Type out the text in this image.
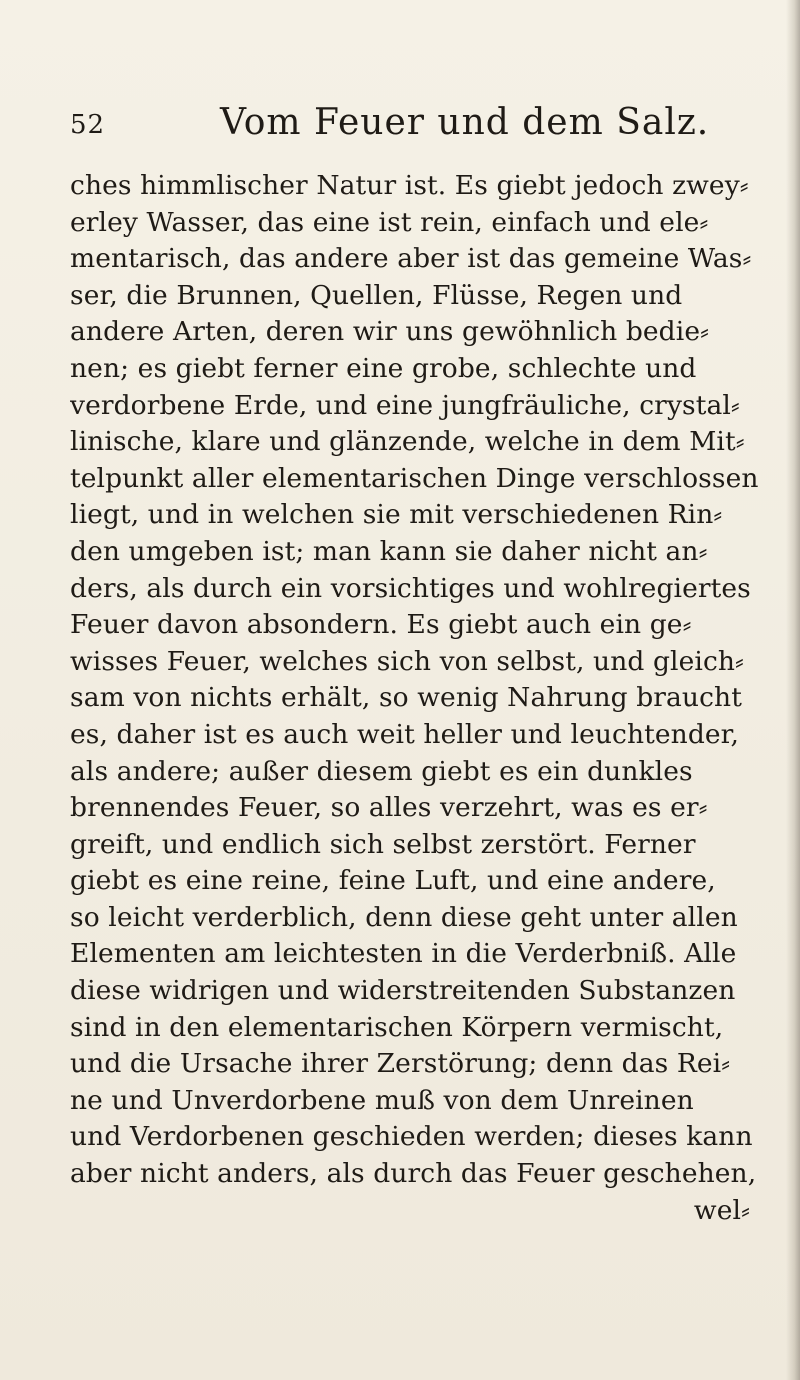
52	Vom Feuer und dem Salz.
ches himmlischer Natur ist. Es giebt jedoch zwey⸗
erley Wasser, das eine ist rein, einfach und ele⸗
mentarisch, das andere aber ist das gemeine Was⸗
ser, die Brunnen, Quellen, Flüsse, Regen und
andere Arten, deren wir uns gewöhnlich bedie⸗
nen; es giebt ferner eine grobe, schlechte und
verdorbene Erde, und eine jungfräuliche, crystal⸗
linische, klare und glänzende, welche in dem Mit⸗
telpunkt aller elementarischen Dinge verschlossen
liegt, und in welchen sie mit verschiedenen Rin⸗
den umgeben ist; man kann sie daher nicht an⸗
ders, als durch ein vorsichtiges und wohlregiertes
Feuer davon absondern. Es giebt auch ein ge⸗
wisses Feuer, welches sich von selbst, und gleich⸗
sam von nichts erhält, so wenig Nahrung braucht
es, daher ist es auch weit heller und leuchtender,
als andere; außer diesem giebt es ein dunkles
brennendes Feuer, so alles verzehrt, was es er⸗
greift, und endlich sich selbst zerstört. Ferner
giebt es eine reine, feine Luft, und eine andere,
so leicht verderblich, denn diese geht unter allen
Elementen am leichtesten in die Verderbniß. Alle
diese widrigen und widerstreitenden Substanzen
sind in den elementarischen Körpern vermischt,
und die Ursache ihrer Zerstörung; denn das Rei⸗
ne und Unverdorbene muß von dem Unreinen
und Verdorbenen geschieden werden; dieses kann
aber nicht anders, als durch das Feuer geschehen,
wel⸗
